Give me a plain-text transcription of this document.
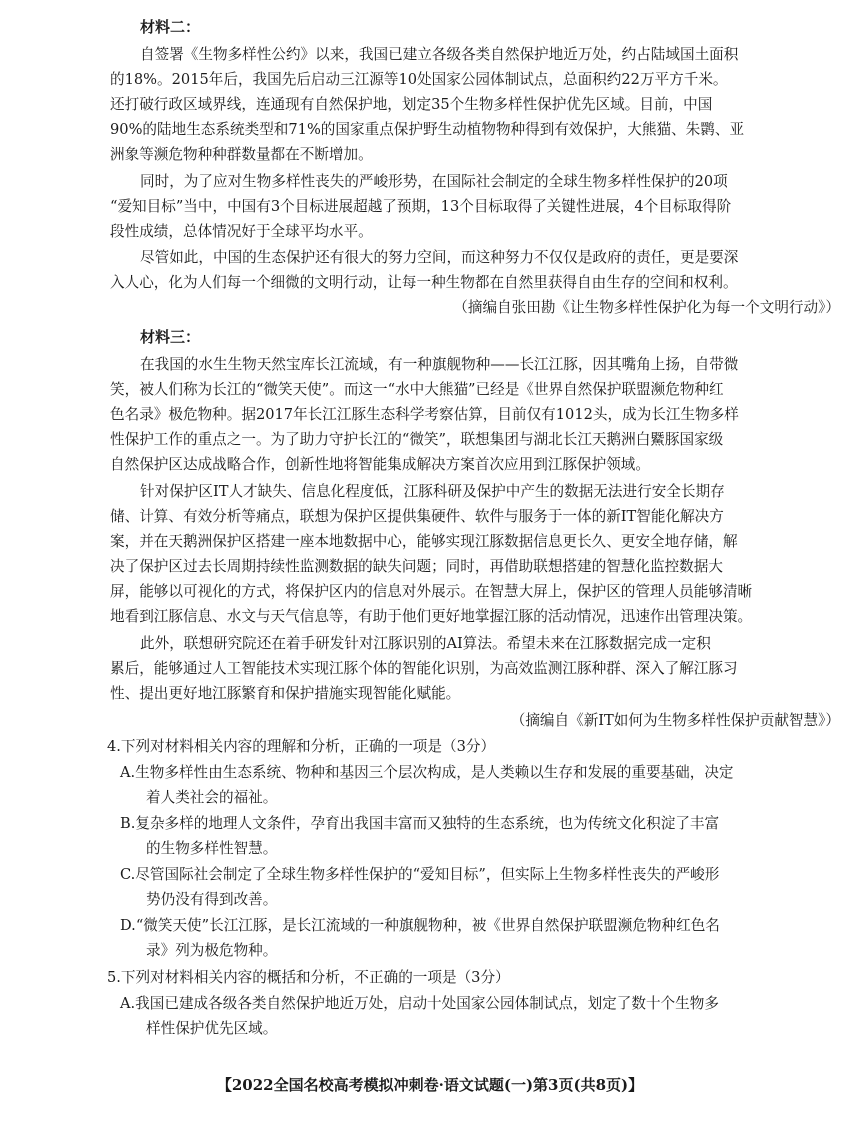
材料二：
自签署《生物多样性公约》以来，我国已建立各级各类自然保护地近万处，约占陆域国土面积
的18%。2015年后，我国先后启动三江源等10处国家公园体制试点，总面积约22万平方千米。
还打破行政区域界线，连通现有自然保护地，划定35个生物多样性保护优先区域。目前，中国
90%的陆地生态系统类型和71%的国家重点保护野生动植物物种得到有效保护，大熊猫、朱鹮、亚
洲象等濒危物种种群数量都在不断增加。
同时，为了应对生物多样性丧失的严峻形势，在国际社会制定的全球生物多样性保护的20项
“爱知目标”当中，中国有3个目标进展超越了预期，13个目标取得了关键性进展，4个目标取得阶
段性成绩，总体情况好于全球平均水平。
尽管如此，中国的生态保护还有很大的努力空间，而这种努力不仅仅是政府的责任，更是要深
入人心，化为人们每一个细微的文明行动，让每一种生物都在自然里获得自由生存的空间和权利。
（摘编自张田勘《让生物多样性保护化为每一个文明行动》）
材料三：
在我国的水生生物天然宝库长江流域，有一种旗舰物种——长江江豚，因其嘴角上扬，自带微
笑，被人们称为长江的“微笑天使”。而这一“水中大熊猫”已经是《世界自然保护联盟濒危物种红
色名录》极危物种。据2017年长江江豚生态科学考察估算，目前仅有1012头，成为长江生物多样
性保护工作的重点之一。为了助力守护长江的“微笑”，联想集团与湖北长江天鹅洲白鱀豚国家级
自然保护区达成战略合作，创新性地将智能集成解决方案首次应用到江豚保护领域。
针对保护区IT人才缺失、信息化程度低，江豚科研及保护中产生的数据无法进行安全长期存
储、计算、有效分析等痛点，联想为保护区提供集硬件、软件与服务于一体的新IT智能化解决方
案，并在天鹅洲保护区搭建一座本地数据中心，能够实现江豚数据信息更长久、更安全地存储，解
决了保护区过去长周期持续性监测数据的缺失问题；同时，再借助联想搭建的智慧化监控数据大
屏，能够以可视化的方式，将保护区内的信息对外展示。在智慧大屏上，保护区的管理人员能够清晰
地看到江豚信息、水文与天气信息等，有助于他们更好地掌握江豚的活动情况，迅速作出管理决策。
此外，联想研究院还在着手研发针对江豚识别的AI算法。希望未来在江豚数据完成一定积
累后，能够通过人工智能技术实现江豚个体的智能化识别，为高效监测江豚种群、深入了解江豚习
性、提出更好地江豚繁育和保护措施实现智能化赋能。
（摘编自《新IT如何为生物多样性保护贡献智慧》）
4.下列对材料相关内容的理解和分析，正确的一项是（3分）
A.生物多样性由生态系统、物种和基因三个层次构成，是人类赖以生存和发展的重要基础，决定
着人类社会的福祉。
B.复杂多样的地理人文条件，孕育出我国丰富而又独特的生态系统，也为传统文化积淀了丰富
的生物多样性智慧。
C.尽管国际社会制定了全球生物多样性保护的“爱知目标”，但实际上生物多样性丧失的严峻形
势仍没有得到改善。
D.“微笑天使”长江江豚，是长江流域的一种旗舰物种，被《世界自然保护联盟濒危物种红色名
录》列为极危物种。
5.下列对材料相关内容的概括和分析，不正确的一项是（3分）
A.我国已建成各级各类自然保护地近万处，启动十处国家公园体制试点，划定了数十个生物多
样性保护优先区域。
【2022全国名校高考模拟冲刺卷·语文试题(一)第3页(共8页)】
